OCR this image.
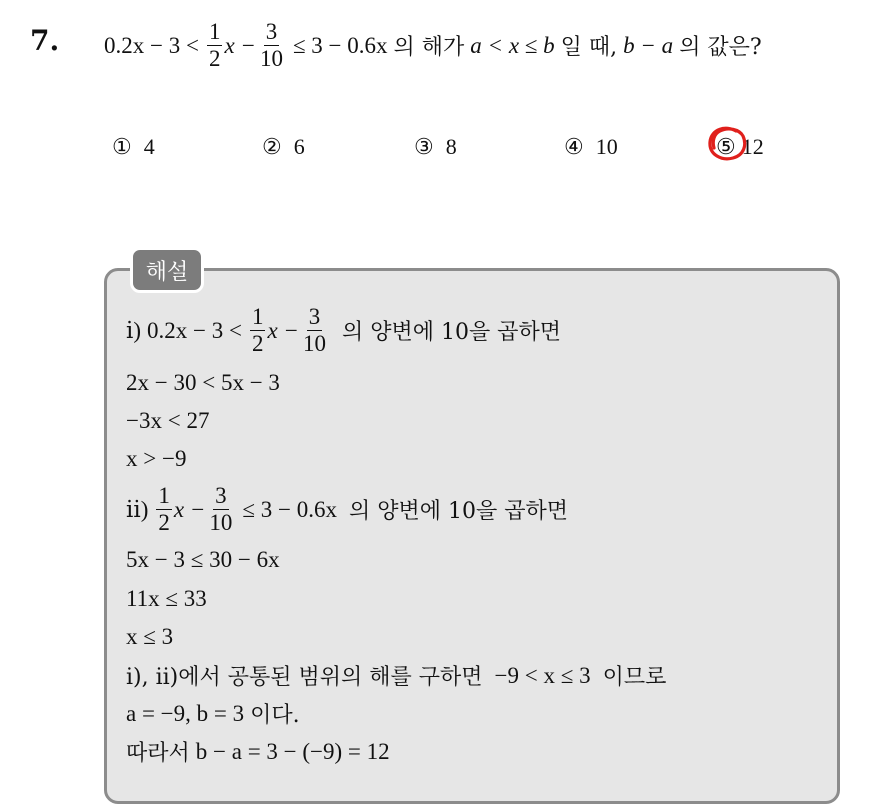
7. $0.2x - 3 < \frac{1}{2}$ $x - \frac{3}{10} \le 3 - 0.6x$ 의 해가 a < x ≤ b 일 때, b − a 의 값은?
① 4	② 6	③ 8	④ 10	⑤ 12
해설
ⅰ) $0.2x - 3 < \frac{1}{2}$ $x - \frac{3}{10}$ 의 양변에 10을 곱하면
2x − 30 < 5x − 3
−3x < 27
x > −9
ⅱ) $\frac{1}{2}$ $x - \frac{3}{10} \le 3 - 0.6x$ 의 양변에 10을 곱하면
5x − 3 ≤ 30 − 6x
11x ≤ 33
x ≤ 3
ⅰ), ⅱ)에서 공통된 범위의 해를 구하면 −9 < x ≤ 3 이므로
a = −9, b = 3 이다.
따라서 b − a = 3 − (−9) = 12
